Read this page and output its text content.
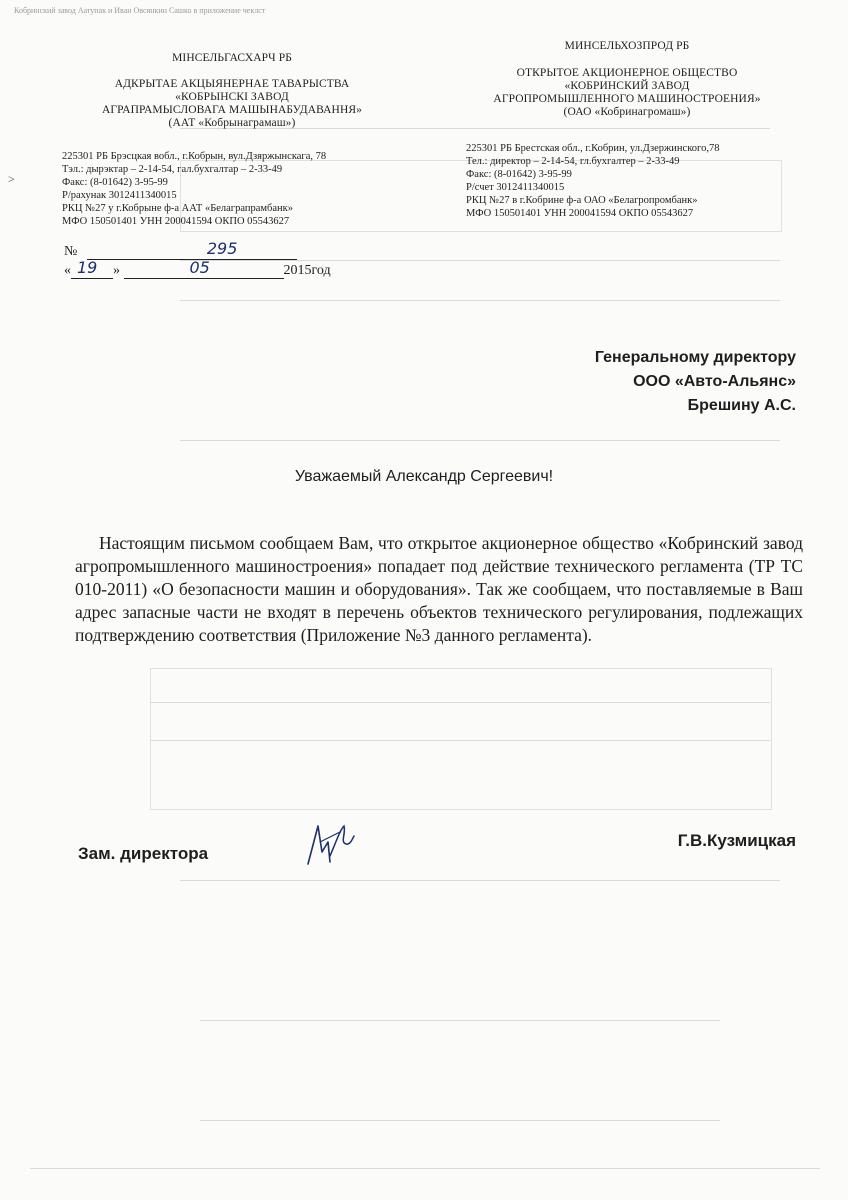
Кобринский завод Аатупак и Иван Овсянкин Сашко в приложение чеклст
>
МІНСЕЛЬГАСХАРЧ РБ
АДКРЫТАЕ АКЦЫЯНЕРНАЕ ТАВАРЫСТВА
«КОБРЫНСКІ ЗАВОД
АГРАПРАМЫСЛОВАГА МАШЫНАБУДАВАННЯ»
(ААТ «Кобрынаграмаш»)
225301 РБ Брэсцкая вобл., г.Кобрын, вул.Дзяржынскага, 78
Тэл.: дырэктар – 2-14-54, гал.бухгалтар – 2-33-49
Факс: (8-01642) 3-95-99
Р/рахунак 3012411340015
РКЦ №27 у г.Кобрыне ф-а ААТ «Белаграпрамбанк»
МФО 150501401 УНН 200041594 ОКПО 05543627
МИНСЕЛЬХОЗПРОД РБ
ОТКРЫТОЕ АКЦИОНЕРНОЕ ОБЩЕСТВО
«КОБРИНСКИЙ ЗАВОД
АГРОПРОМЫШЛЕННОГО МАШИНОСТРОЕНИЯ»
(ОАО «Кобринагромаш»)
225301 РБ Брестская обл., г.Кобрин, ул.Дзержинского,78
Тел.: директор – 2-14-54, гл.бухгалтер – 2-33-49
Факс: (8-01642) 3-95-99
Р/счет 3012411340015
РКЦ №27 в г.Кобрине ф-а ОАО «Белагропромбанк»
МФО 150501401 УНН 200041594 ОКПО 05543627
№	295
« 19 »	05	2015год
Генеральному директору
ООО «Авто-Альянс»
Брешину А.С.
Уважаемый Александр Сергеевич!
Настоящим письмом сообщаем Вам, что открытое акционерное общество «Кобринский завод агропромышленного машиностроения» попадает под действие технического регламента (ТР ТС 010-2011) «О безопасности машин и оборудования». Так же сообщаем, что поставляемые в Ваш адрес запасные части не входят в перечень объектов технического регулирования, подлежащих подтверждению соответствия (Приложение №3 данного регламента).
Зам. директора
Г.В.Кузмицкая
